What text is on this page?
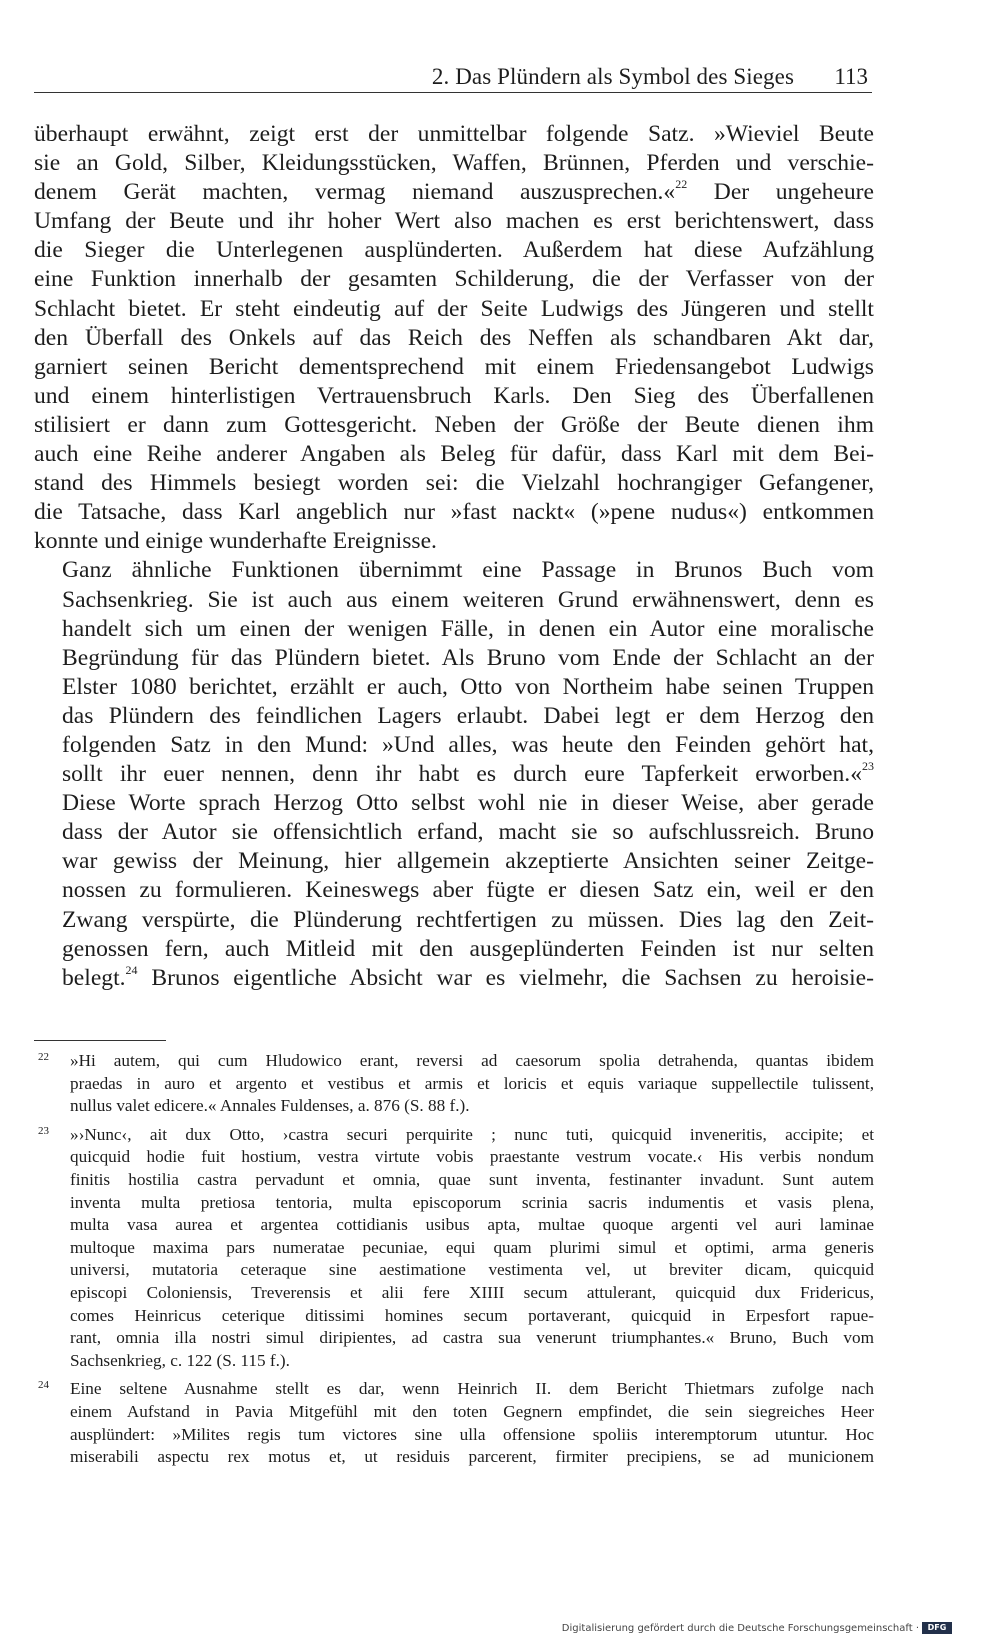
2. Das Plündern als Symbol des Sieges 113

überhaupt erwähnt, zeigt erst der unmittelbar folgende Satz. »Wieviel Beute
sie an Gold, Silber, Kleidungsstücken, Waffen, Brünnen, Pferden und verschie-
denem Gerät machten, vermag niemand auszusprechen.«$^{22}$ Der ungeheure
Umfang der Beute und ihr hoher Wert also machen es erst berichtenswert, dass
die Sieger die Unterlegenen ausplünderten. Außerdem hat diese Aufzählung
eine Funktion innerhalb der gesamten Schilderung, die der Verfasser von der
Schlacht bietet. Er steht eindeutig auf der Seite Ludwigs des Jüngeren und stellt
den Überfall des Onkels auf das Reich des Neffen als schandbaren Akt dar,
garniert seinen Bericht dementsprechend mit einem Friedensangebot Ludwigs
und einem hinterlistigen Vertrauensbruch Karls. Den Sieg des Überfallenen
stilisiert er dann zum Gottesgericht. Neben der Größe der Beute dienen ihm
auch eine Reihe anderer Angaben als Beleg für dafür, dass Karl mit dem Bei-
stand des Himmels besiegt worden sei: die Vielzahl hochrangiger Gefangener,
die Tatsache, dass Karl angeblich nur »fast nackt« (»pene nudus«) entkommen
konnte und einige wunderhafte Ereignisse.

Ganz ähnliche Funktionen übernimmt eine Passage in Brunos Buch vom
Sachsenkrieg. Sie ist auch aus einem weiteren Grund erwähnenswert, denn es
handelt sich um einen der wenigen Fälle, in denen ein Autor eine moralische
Begründung für das Plündern bietet. Als Bruno vom Ende der Schlacht an der
Elster 1080 berichtet, erzählt er auch, Otto von Northeim habe seinen Truppen
das Plündern des feindlichen Lagers erlaubt. Dabei legt er dem Herzog den
folgenden Satz in den Mund: »Und alles, was heute den Feinden gehört hat,
sollt ihr euer nennen, denn ihr habt es durch eure Tapferkeit erworben.«$^{23}$
Diese Worte sprach Herzog Otto selbst wohl nie in dieser Weise, aber gerade
dass der Autor sie offensichtlich erfand, macht sie so aufschlussreich. Bruno
war gewiss der Meinung, hier allgemein akzeptierte Ansichten seiner Zeitge-
nossen zu formulieren. Keineswegs aber fügte er diesen Satz ein, weil er den
Zwang verspürte, die Plünderung rechtfertigen zu müssen. Dies lag den Zeit-
genossen fern, auch Mitleid mit den ausgeplünderten Feinden ist nur selten
belegt.$^{24}$ Brunos eigentliche Absicht war es vielmehr, die Sachsen zu heroisie-

22 »Hi autem, qui cum Hludowico erant, reversi ad caesorum spolia detrahenda, quantas ibidem
praedas in auro et argento et vestibus et armis et loricis et equis variaque suppellectile tulissent,
nullus valet edicere.« Annales Fuldenses, a. 876 (S. 88 f.).
23 »›Nunc‹, ait dux Otto, ›castra securi perquirite ; nunc tuti, quicquid inveneritis, accipite; et
quicquid hodie fuit hostium, vestra virtute vobis praestante vestrum vocate.‹ His verbis nondum
finitis hostilia castra pervadunt et omnia, quae sunt inventa, festinanter invadunt. Sunt autem
inventa multa pretiosa tentoria, multa episcoporum scrinia sacris indumentis et vasis plena,
multa vasa aurea et argentea cottidianis usibus apta, multae quoque argenti vel auri laminae
multoque maxima pars numeratae pecuniae, equi quam plurimi simul et optimi, arma generis
universi, mutatoria ceteraque sine aestimatione vestimenta vel, ut breviter dicam, quicquid
episcopi Coloniensis, Treverensis et alii fere XIIII secum attulerant, quicquid dux Fridericus,
comes Heinricus ceterique ditissimi homines secum portaverant, quicquid in Erpesfort rapue-
rant, omnia illa nostri simul diripientes, ad castra sua venerunt triumphantes.« Bruno, Buch vom
Sachsenkrieg, c. 122 (S. 115 f.).
24 Eine seltene Ausnahme stellt es dar, wenn Heinrich II. dem Bericht Thietmars zufolge nach
einem Aufstand in Pavia Mitgefühl mit den toten Gegnern empfindet, die sein siegreiches Heer
ausplündert: »Milites regis tum victores sine ulla offensione spoliis interemptorum utuntur. Hoc
miserabili aspectu rex motus et, ut residuis parcerent, firmiter precipiens, se ad municionem
Digitalisierung gefördert durch die Deutsche Forschungsgemeinschaft ·	DFG
